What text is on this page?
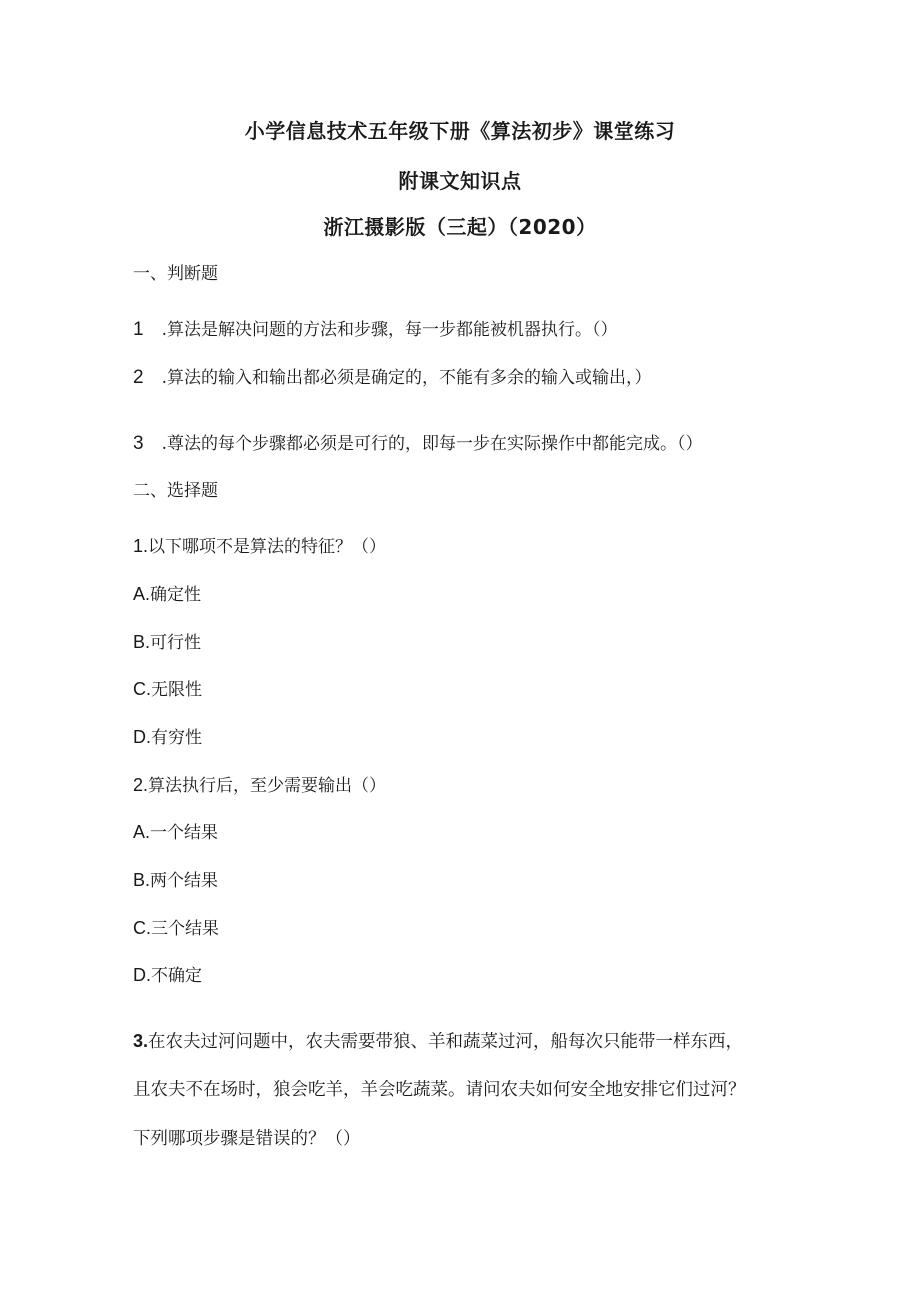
小学信息技术五年级下册《算法初步》课堂练习
附课文知识点
浙江摄影版（三起）（2020）
一、判断题
1 .算法是解决问题的方法和步骤，每一步都能被机器执行。（）
2 .算法的输入和输出都必须是确定的，不能有多余的输入或输出，）
3 .尊法的每个步骤都必须是可行的，即每一步在实际操作中都能完成。（）
二、选择题
1.以下哪项不是算法的特征？（）
A.确定性
B.可行性
C.无限性
D.有穷性
2.算法执行后，至少需要输出（）
A.一个结果
B.两个结果
C.三个结果
D.不确定
3.在农夫过河问题中，农夫需要带狼、羊和蔬菜过河，船每次只能带一样东西，
且农夫不在场时，狼会吃羊，羊会吃蔬菜。请问农夫如何安全地安排它们过河？
下列哪项步骤是错误的？（）
